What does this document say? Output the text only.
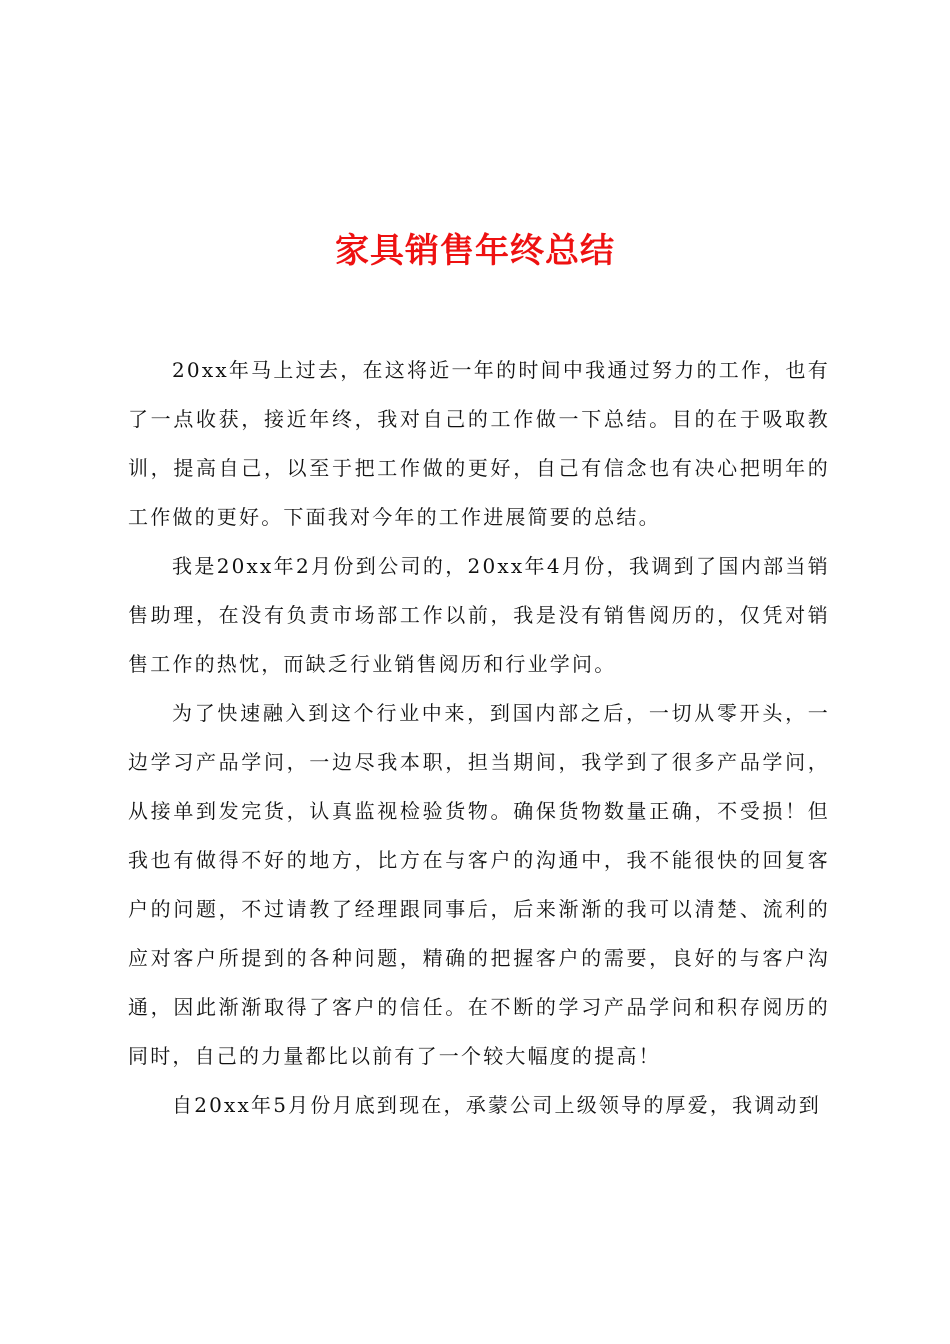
家具销售年终总结

20xx年马上过去，在这将近一年的时间中我通过努力的工作，也有了一点收获，接近年终，我对自己的工作做一下总结。目的在于吸取教训，提高自己，以至于把工作做的更好，自己有信念也有决心把明年的工作做的更好。下面我对今年的工作进展简要的总结。

我是20xx年2月份到公司的，20xx年4月份，我调到了国内部当销售助理，在没有负责市场部工作以前，我是没有销售阅历的，仅凭对销售工作的热忱，而缺乏行业销售阅历和行业学问。

为了快速融入到这个行业中来，到国内部之后，一切从零开头，一边学习产品学问，一边尽我本职，担当期间，我学到了很多产品学问，从接单到发完货，认真监视检验货物。确保货物数量正确，不受损！但我也有做得不好的地方，比方在与客户的沟通中，我不能很快的回复客户的问题，不过请教了经理跟同事后，后来渐渐的我可以清楚、流利的应对客户所提到的各种问题，精确的把握客户的需要，良好的与客户沟通，因此渐渐取得了客户的信任。在不断的学习产品学问和积存阅历的同时，自己的力量都比以前有了一个较大幅度的提高！

自20xx年5月份月底到现在，承蒙公司上级领导的厚爱，我调动到
